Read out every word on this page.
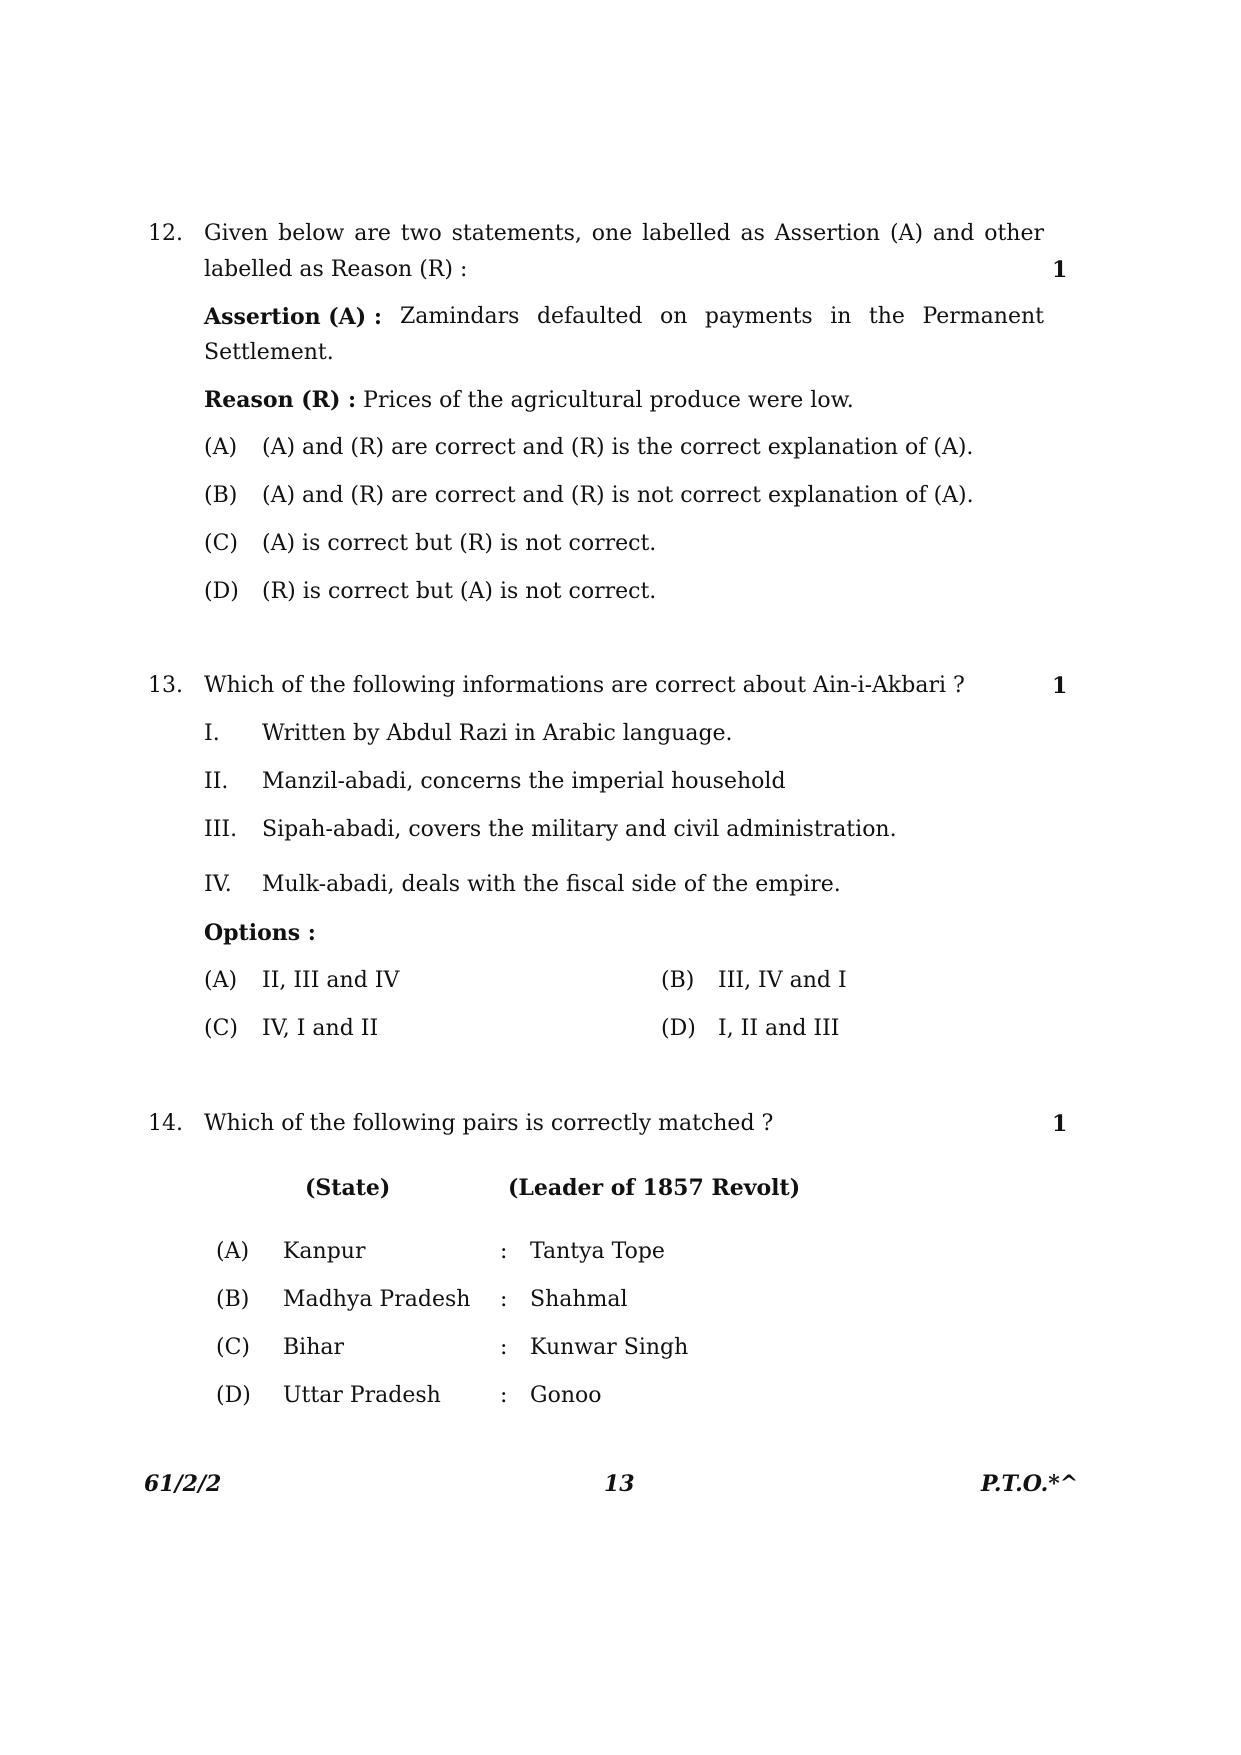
12. Given below are two statements, one labelled as Assertion (A) and other
labelled as Reason (R) :	1
Assertion (A) : Zamindars defaulted on payments in the Permanent
Settlement.
Reason (R) : Prices of the agricultural produce were low.
(A) (A) and (R) are correct and (R) is the correct explanation of (A).
(B) (A) and (R) are correct and (R) is not correct explanation of (A).
(C) (A) is correct but (R) is not correct.
(D) (R) is correct but (A) is not correct.
13. Which of the following informations are correct about Ain-i-Akbari ?	1
I. Written by Abdul Razi in Arabic language.
II. Manzil-abadi, concerns the imperial household
III. Sipah-abadi, covers the military and civil administration.
IV. Mulk-abadi, deals with the fiscal side of the empire.
Options :
(A) II, III and IV	(B) III, IV and I
(C) IV, I and II	(D) I, II and III
14. Which of the following pairs is correctly matched ?	1
(State)	(Leader of 1857 Revolt)
(A) Kanpur	: Tantya Tope
(B) Madhya Pradesh : Shahmal
(C) Bihar	: Kunwar Singh
(D) Uttar Pradesh	: Gonoo
61/2/2	13	P.T.O.*^
